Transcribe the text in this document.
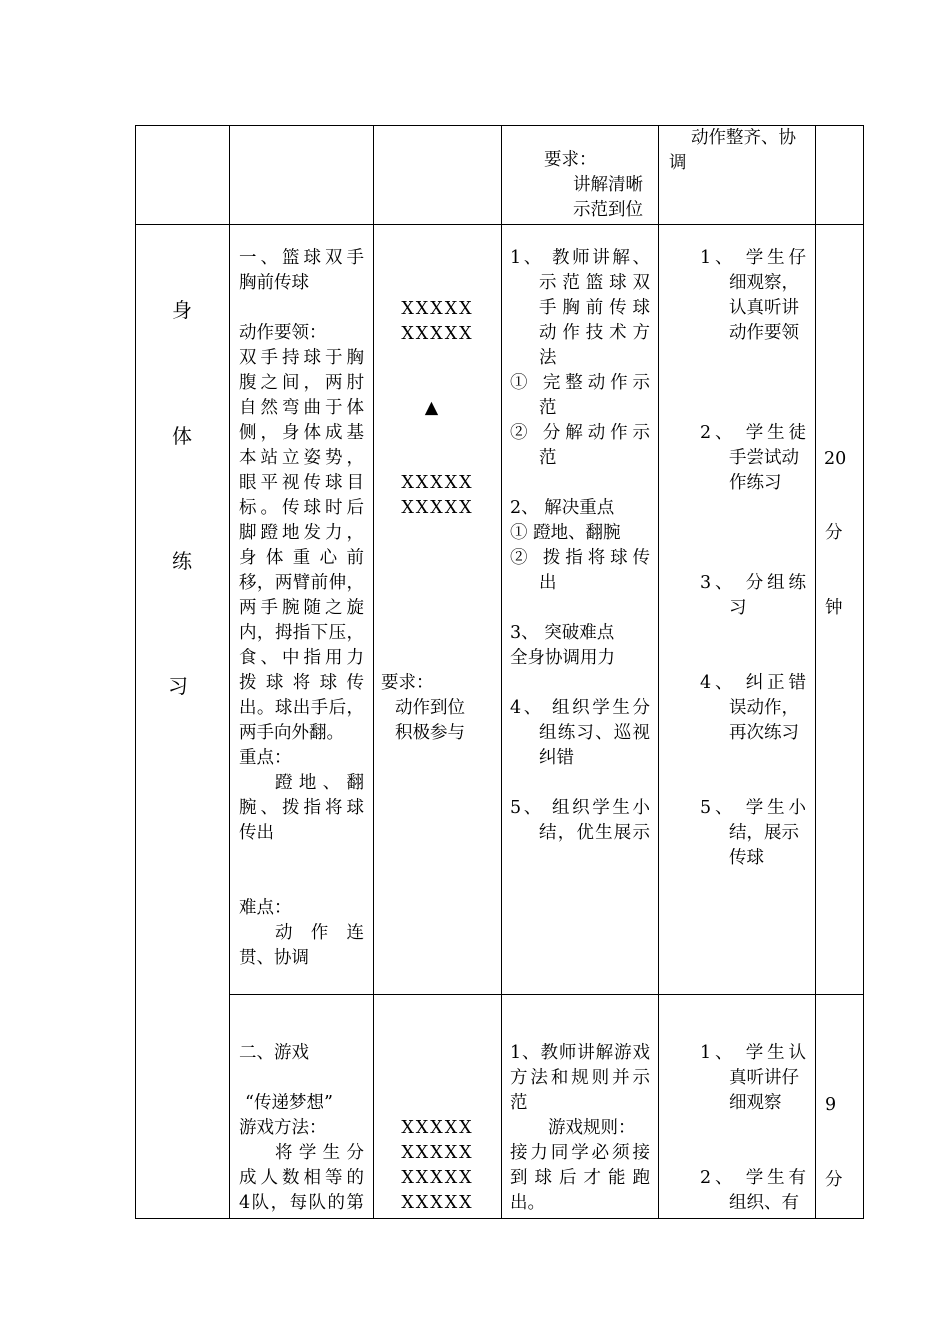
要求：
讲解清晰
示范到位
动作整齐、协
调
身
体
练
习
一、篮球双手
胸前传球
动作要领：
双手持球于胸
腹之间，两肘
自然弯曲于体
侧，身体成基
本站立姿势，
眼平视传球目
标。传球时后
脚蹬地发力，
身体重心前
移，两臂前伸，
两手腕随之旋
内，拇指下压，
食、中指用力
拨球将球传
出。球出手后，
两手向外翻。
重点：
蹬地、翻
腕、拨指将球
传出
难点：
动作连
贯、协调
XXXXX
XXXXX
▲
XXXXX
XXXXX
要求：
动作到位
积极参与
1、 教师讲解、
示范篮球双
手胸前传球
动作技术方
法
① 完整动作示
范
② 分解动作示
范
2、 解决重点
① 蹬地、翻腕
② 拨指将球传
出
3、 突破难点
全身协调用力
4、 组织学生分
组练习、巡视
纠错
5、 组织学生小
结，优生展示
1、 学生仔
细观察，
认真听讲
动作要领
2、 学生徒
手尝试动
作练习
3、 分组练
习
4、 纠正错
误动作，
再次练习
5、 学生小
结，展示
传球
20
分
钟
二、游戏
“传递梦想”
游戏方法：
将学生分
成人数相等的
4队，每队的第
XXXXX
XXXXX
XXXXX
XXXXX
1、教师讲解游戏
方法和规则并示
范
游戏规则：
接力同学必须接
到球后才能跑
出。
1、 学生认
真听讲仔
细观察
2、 学生有
组织、有
9
分
